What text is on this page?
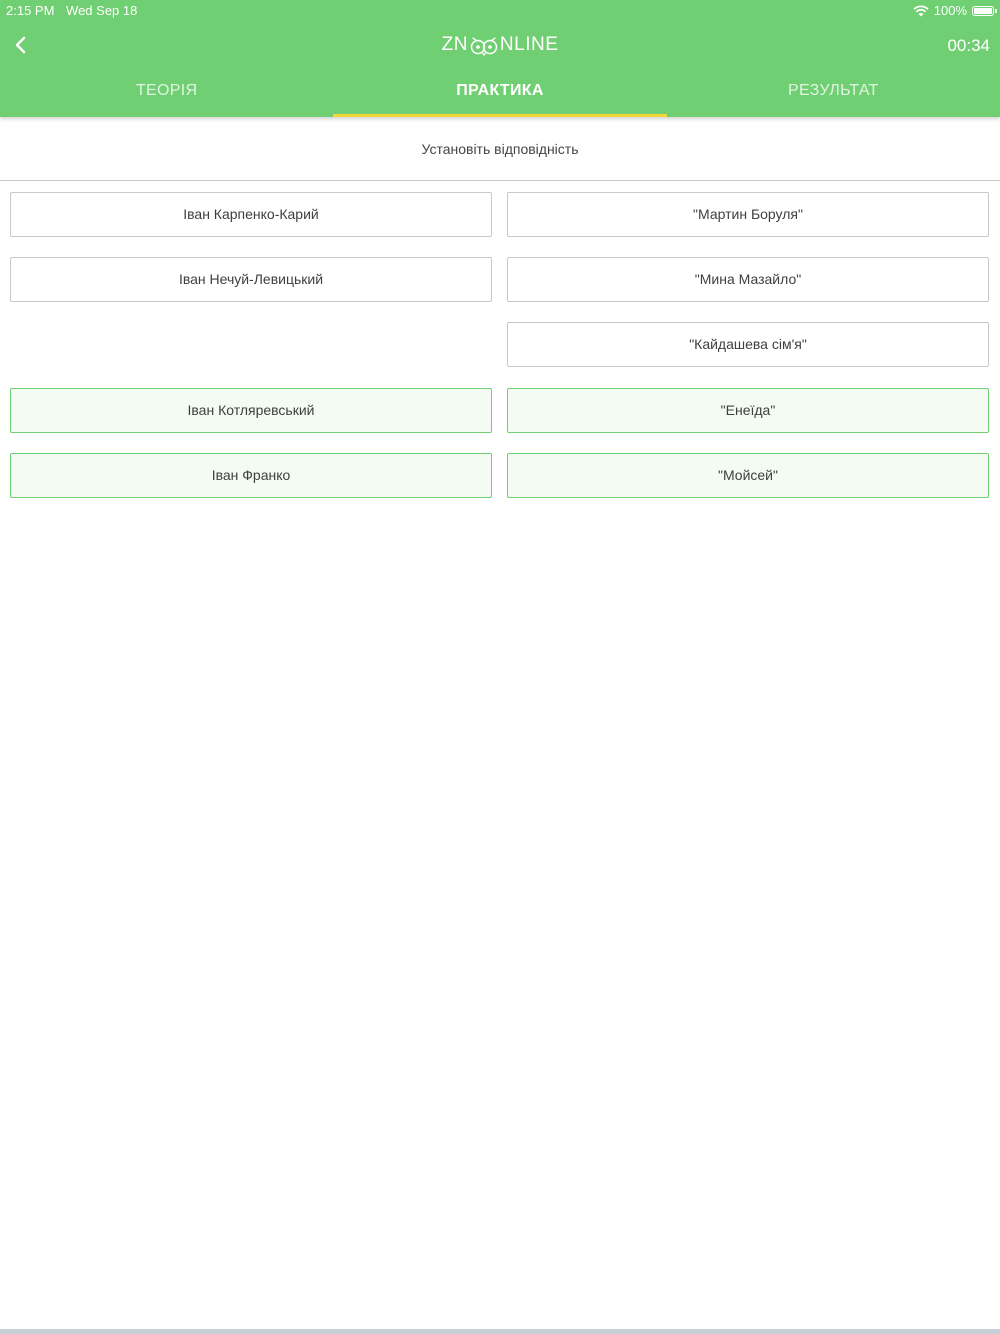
2:15 PM Wed Sep 18	100%
ZN NLINE	00:34
ТЕОРІЯ	ПРАКТИКА	РЕЗУЛЬТАТ
Установіть відповідність
Іван Карпенко-Карий
Іван Нечуй-Левицький
Іван Котляревський
Іван Франко
"Мартин Боруля"
"Мина Мазайло"
"Кайдашева сім'я"
"Енеїда"
"Мойсей"
